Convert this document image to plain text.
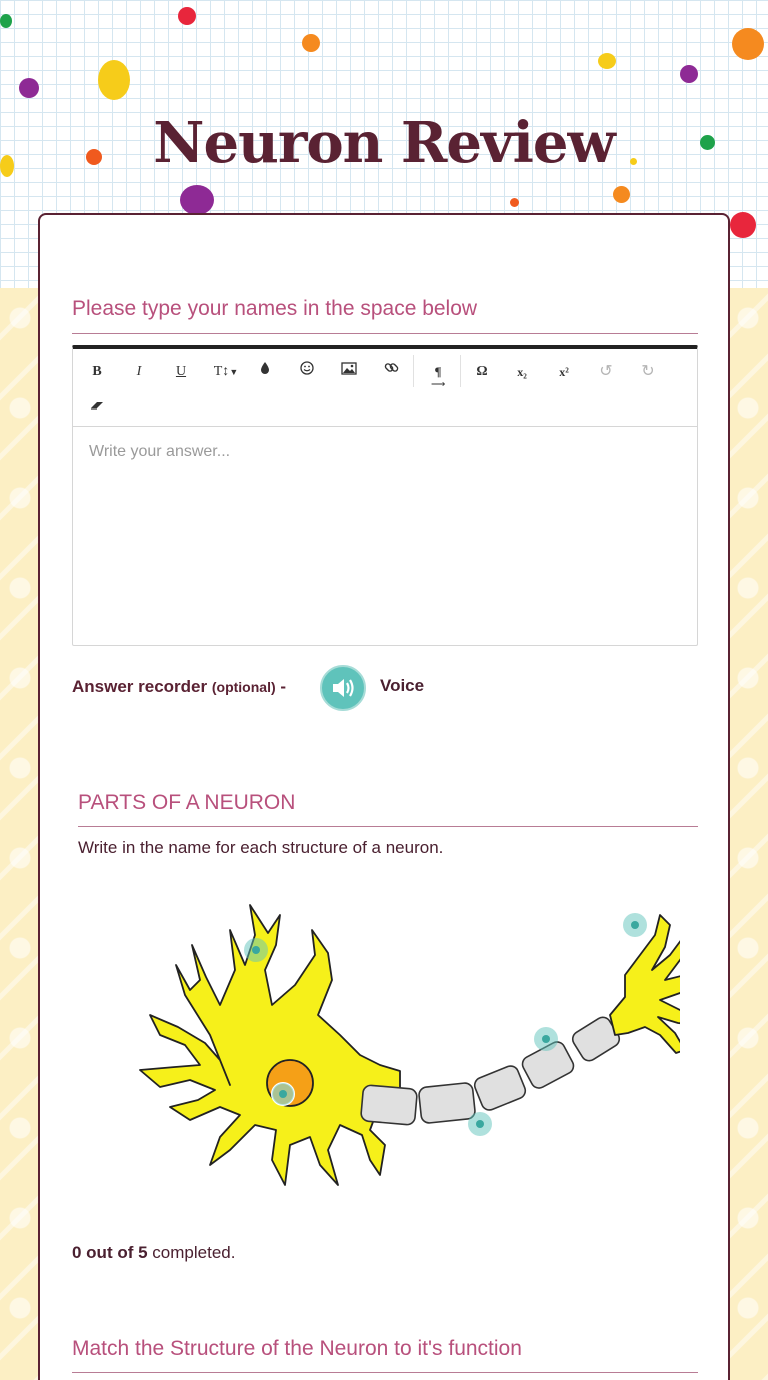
Neuron Review
Please type your names in the space below
B	I	U	T↕▼	¶
⟶
Ω	x₂	x²	↺	↻
Write your answer...
Answer recorder (optional) -	Voice
PARTS OF A NEURON
Write in the name for each structure of a neuron.
0 out of 5 completed.
Match the Structure of the Neuron to it's function
